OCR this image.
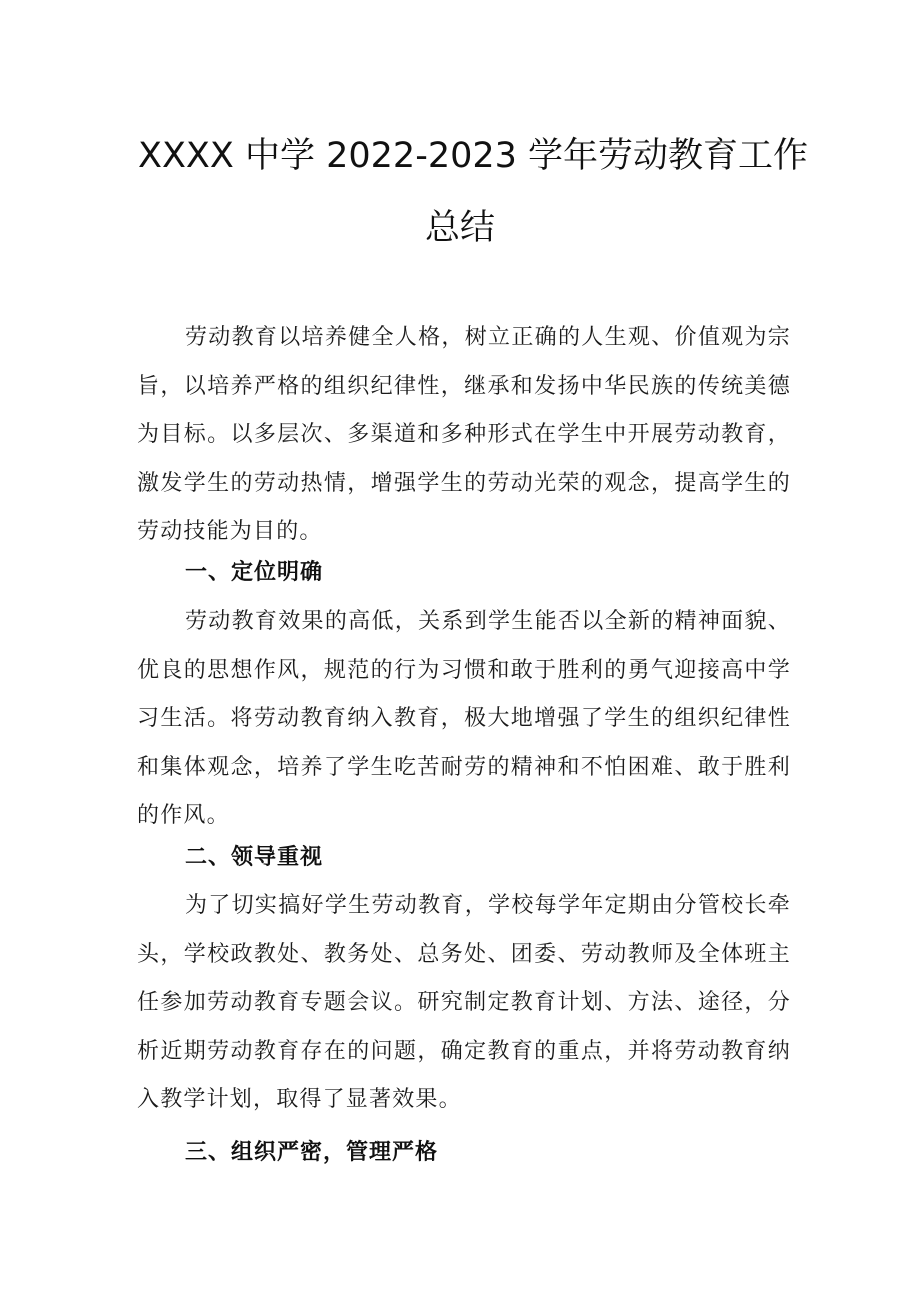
XXXX 中学 2022-2023 学年劳动教育工作
总结

劳动教育以培养健全人格，树立正确的人生观、价值观为宗旨，以培养严格的组织纪律性，继承和发扬中华民族的传统美德为目标。以多层次、多渠道和多种形式在学生中开展劳动教育，激发学生的劳动热情，增强学生的劳动光荣的观念，提高学生的劳动技能为目的。

一、定位明确

劳动教育效果的高低，关系到学生能否以全新的精神面貌、优良的思想作风，规范的行为习惯和敢于胜利的勇气迎接高中学习生活。将劳动教育纳入教育，极大地增强了学生的组织纪律性和集体观念，培养了学生吃苦耐劳的精神和不怕困难、敢于胜利的作风。

二、领导重视

为了切实搞好学生劳动教育，学校每学年定期由分管校长牵头，学校政教处、教务处、总务处、团委、劳动教师及全体班主任参加劳动教育专题会议。研究制定教育计划、方法、途径，分析近期劳动教育存在的问题，确定教育的重点，并将劳动教育纳入教学计划，取得了显著效果。

三、组织严密，管理严格
